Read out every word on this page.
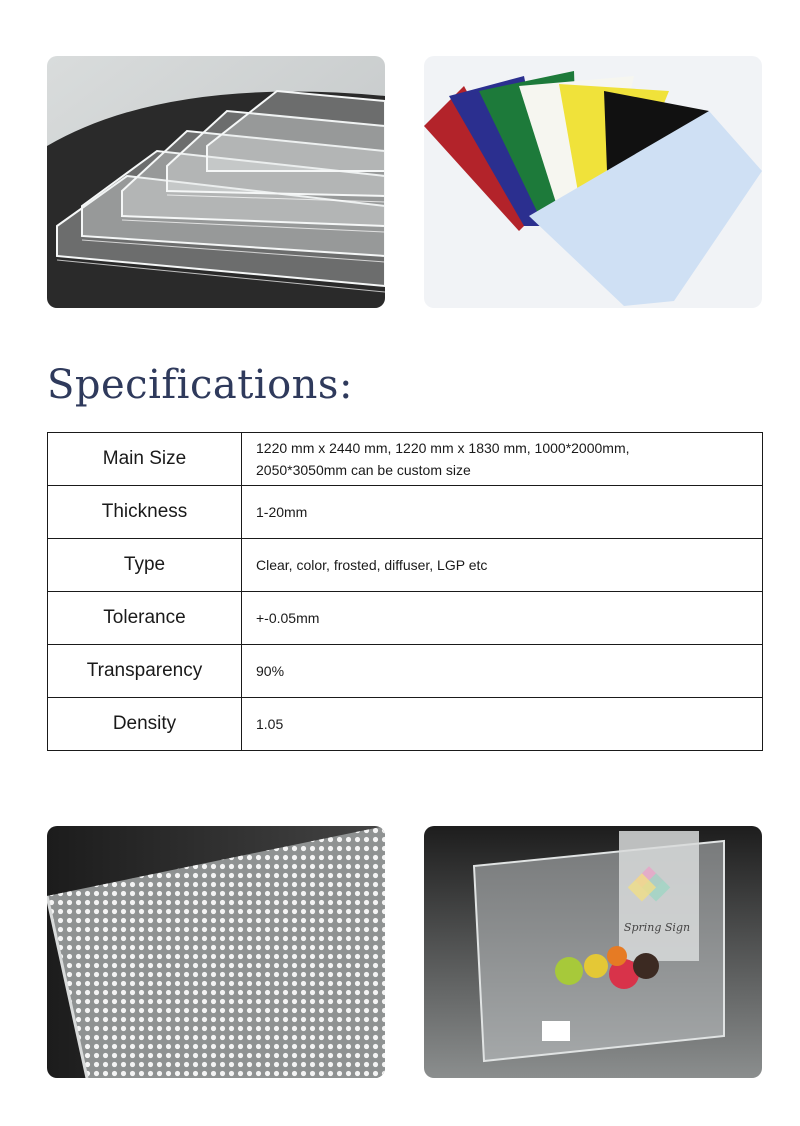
Specifications:
Main Size	1220 mm x 2440 mm, 1220 mm x 1830 mm, 1000*2000mm,
2050*3050mm can be custom size

Thickness	1-20mm

Type	Clear, color, frosted, diffuser, LGP etc

Tolerance	+-0.05mm

Transparency	90%

Density	1.05
Spring Sign
